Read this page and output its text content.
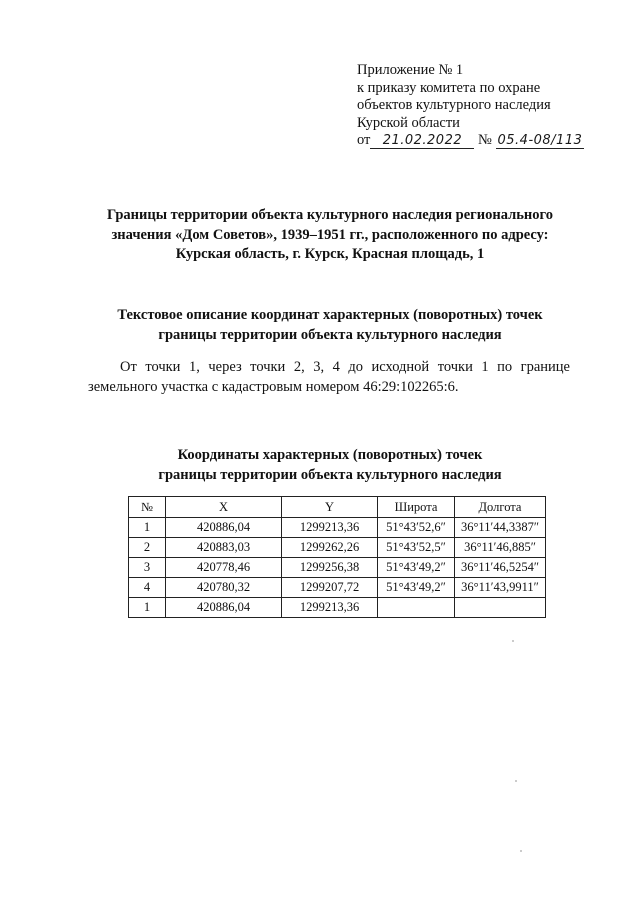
Приложение № 1
к приказу комитета по охране
объектов культурного наследия
Курской области
от 21.02.2022 № 05.4-08/113
Границы территории объекта культурного наследия регионального
значения «Дом Советов», 1939–1951 гг., расположенного по адресу:
Курская область, г. Курск, Красная площадь, 1
Текстовое описание координат характерных (поворотных) точек
границы территории объекта культурного наследия
От точки 1, через точки 2, 3, 4 до исходной точки 1 по границе
земельного участка с кадастровым номером 46:29:102265:6.
Координаты характерных (поворотных) точек
границы территории объекта культурного наследия
№	X	Y	Широта	Долгота
1	420886,04	1299213,36	51°43′52,6″	36°11′44,3387″
2	420883,03	1299262,26	51°43′52,5″	36°11′46,885″
3	420778,46	1299256,38	51°43′49,2″	36°11′46,5254″
4	420780,32	1299207,72	51°43′49,2″	36°11′43,9911″
1	420886,04	1299213,36		
